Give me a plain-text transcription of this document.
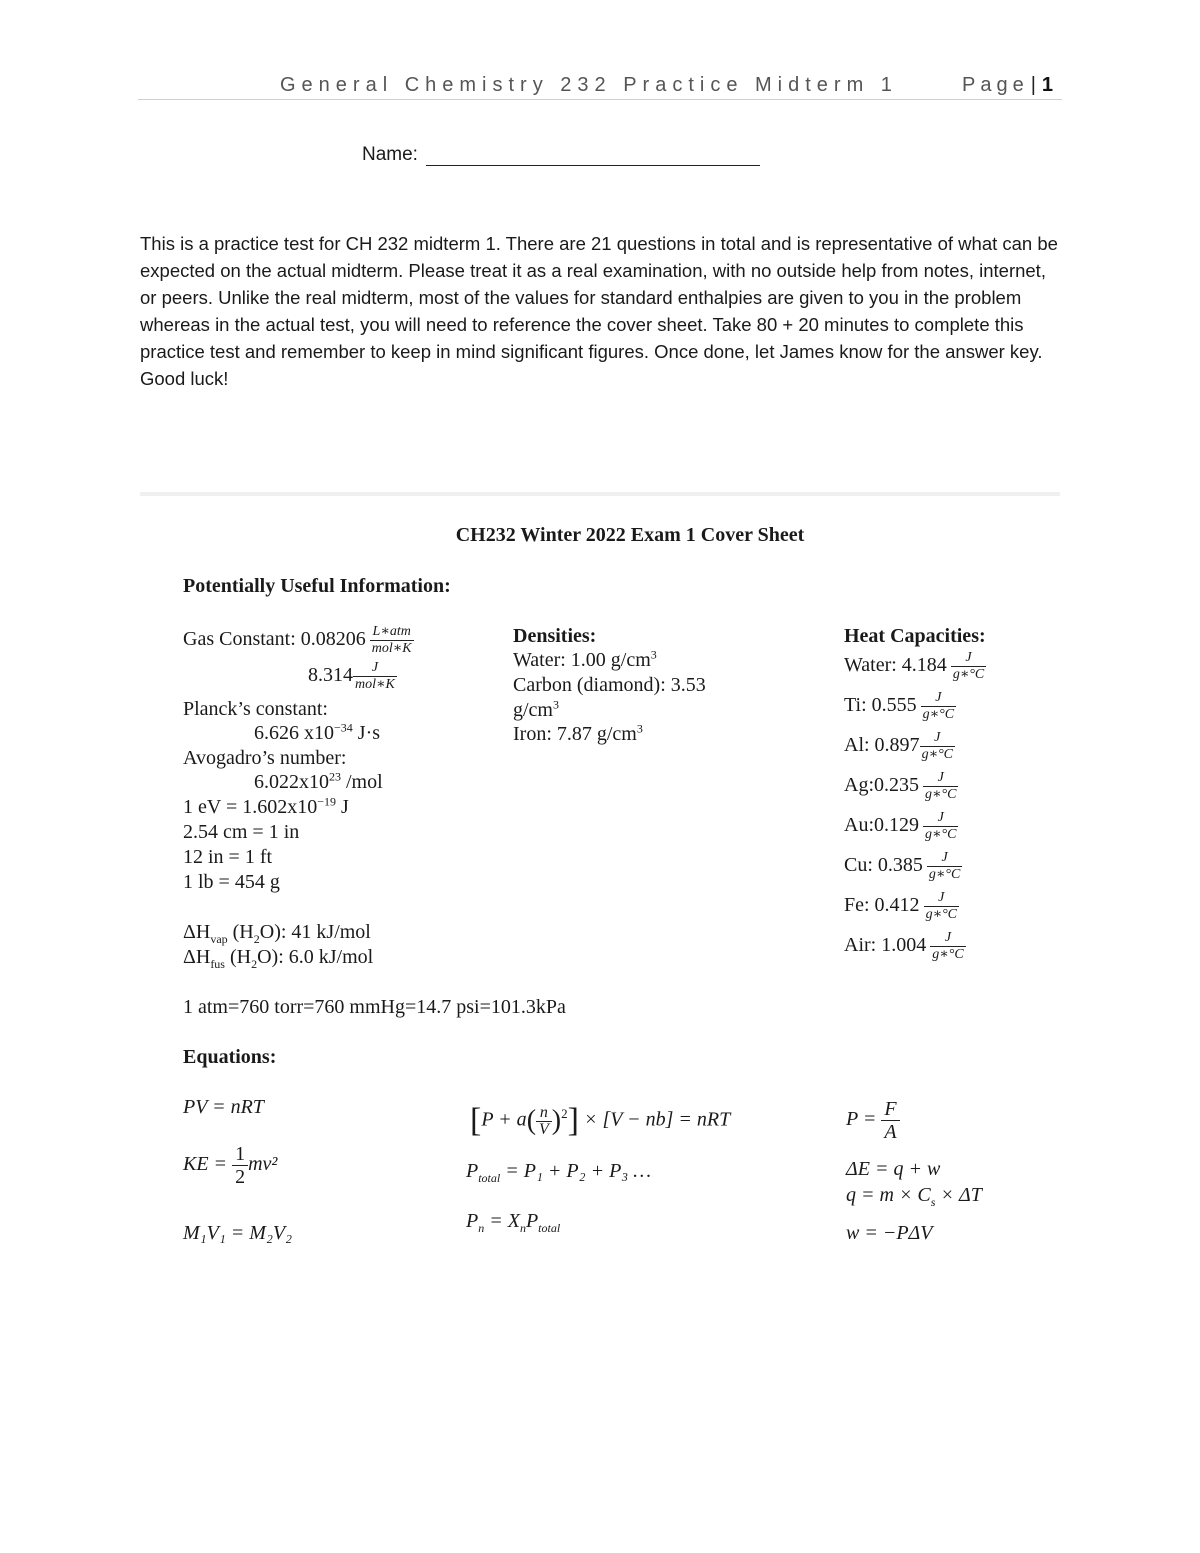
General Chemistry 232 Practice Midterm 1	Page | 1
Name:
This is a practice test for CH 232 midterm 1. There are 21 questions in total and is representative of what can be expected on the actual midterm. Please treat it as a real examination, with no outside help from notes, internet, or peers. Unlike the real midterm, most of the values for standard enthalpies are given to you in the problem whereas in the actual test, you will need to reference the cover sheet. Take 80 + 20 minutes to complete this practice test and remember to keep in mind significant figures. Once done, let James know for the answer key. Good luck!
CH232 Winter 2022 Exam 1 Cover Sheet
Potentially Useful Information:
Gas Constant: $0.08206 \frac{\text{L∗atm}}{\text{mol∗K}}$
$8.314 \frac{J}{\text{mol∗K}}$
Planck’s constant:
6.626 $x10^{-34}$ J·s
Avogadro’s number:
$6.022x10^{23}$ /mol
1 eV = $1.602x10^{-19}$ J
2.54 cm = 1 in
12 in = 1 ft
1 lb = 454 g
$\Delta H_{vap}$ $(H_2O)$: 41 kJ/mol
$\Delta H_{fus}$ $(H_2O)$: 6.0 kJ/mol
1 atm=760 torr=760 mmHg=14.7 psi=101.3kPa
Densities:
Water: 1.00 $g/cm^3$
Carbon (diamond): 3.53
$g/cm^3$
Iron: 7.87 $g/cm^3$
Heat Capacities:
Water: $4.184 \frac{J}{g∗^\circ C}$
Ti: $0.555 \frac{J}{g∗^\circ C}$
Al: $0.897 \frac{J}{g∗^\circ C}$
Ag:0.235 $\frac{J}{g∗^\circ C}$
Au:0.129 $\frac{J}{g∗^\circ C}$
Cu: $0.385 \frac{J}{g∗^\circ C}$
Fe: $0.412 \frac{J}{g∗^\circ C}$
Air: $1.004 \frac{J}{g∗^\circ C}$
Equations:
PV = nRT
KE = $\frac{1}{2} mv^2$
M₁V₁ = M₂V₂
$[P + a( \frac{n}{V} )^2] \times [V - nb]$ = nRT
$P_{total} = P_1 + P_2 + P_3$ …
$P_n = X_nP_{total}$
$P = \frac{F}{A}$
ΔE = q + w
$q = m \times C_s \times \Delta T$
w = −PΔV
